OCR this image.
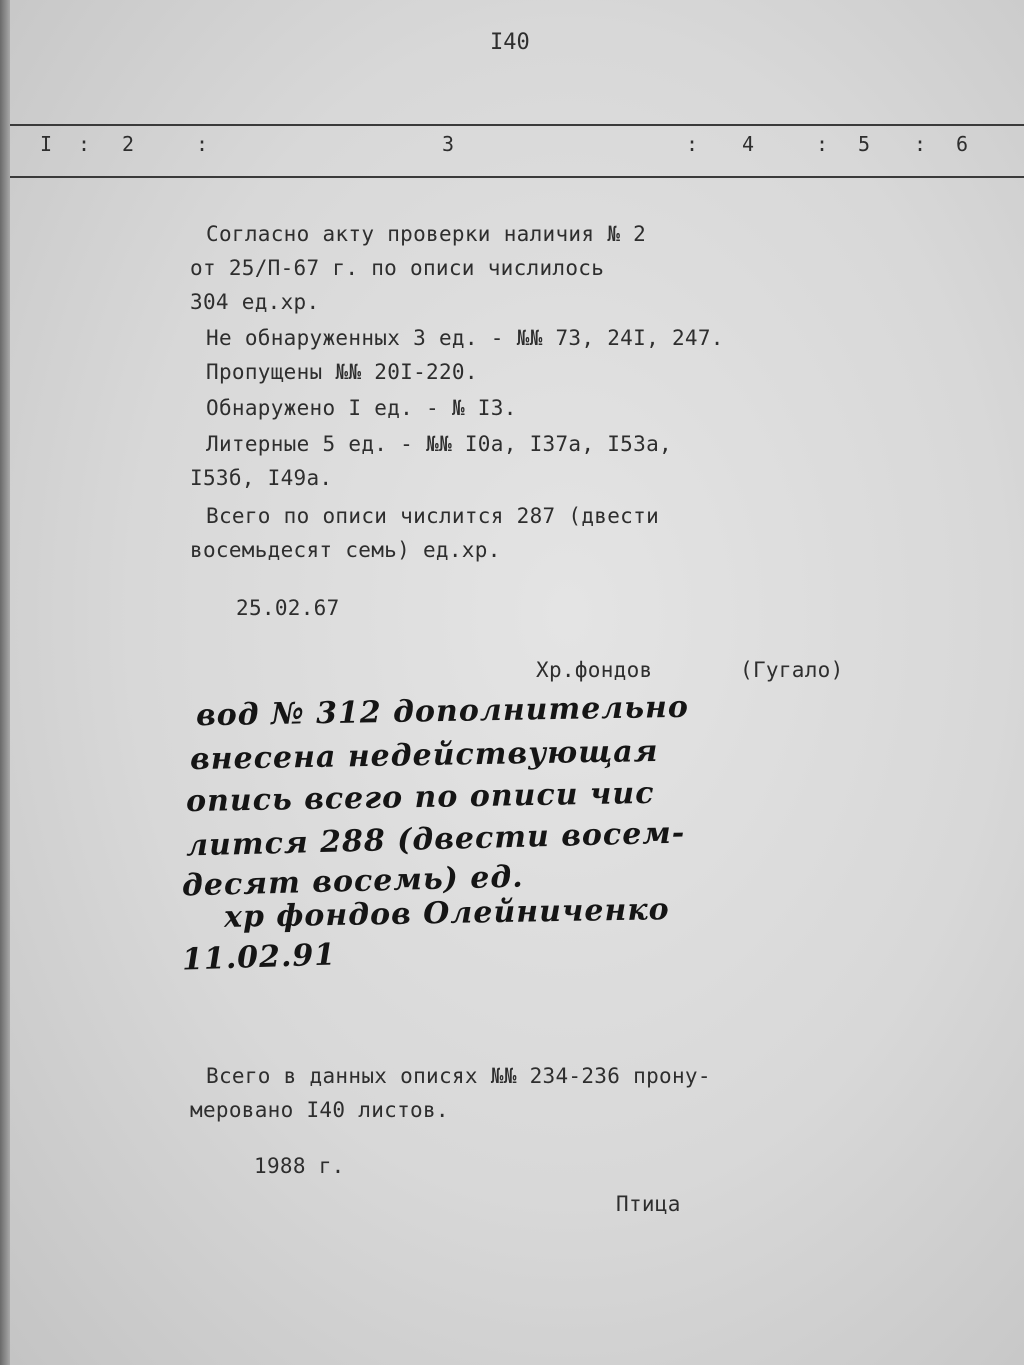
I40
I : 2	:	3	: 4	: 5 : 6
Согласно акту проверки наличия № 2
от 25/П-67 г. по описи числилось
304 ед.хр.
Не обнаруженных 3 ед. - №№ 73, 24I, 247.
Пропущены №№ 20I-220.
Обнаружено I ед. - № I3.
Литерные 5 ед. - №№ I0а, I37а, I53а,
I53б, I49а.
Всего по описи числится 287 (двести
восемьдесят семь) ед.хр.
25.02.67
Хр.фондов	(Гугало)
вод № 312 дополнительно
внесена недействующая
опись всего по описи чис
лится 288 (двести восем-
десят восемь) ед.
хр фондов Олейниченко
11.02.91
Всего в данных описях №№ 234-236 прону-
меровано I40 листов.
1988 г.
Птица
